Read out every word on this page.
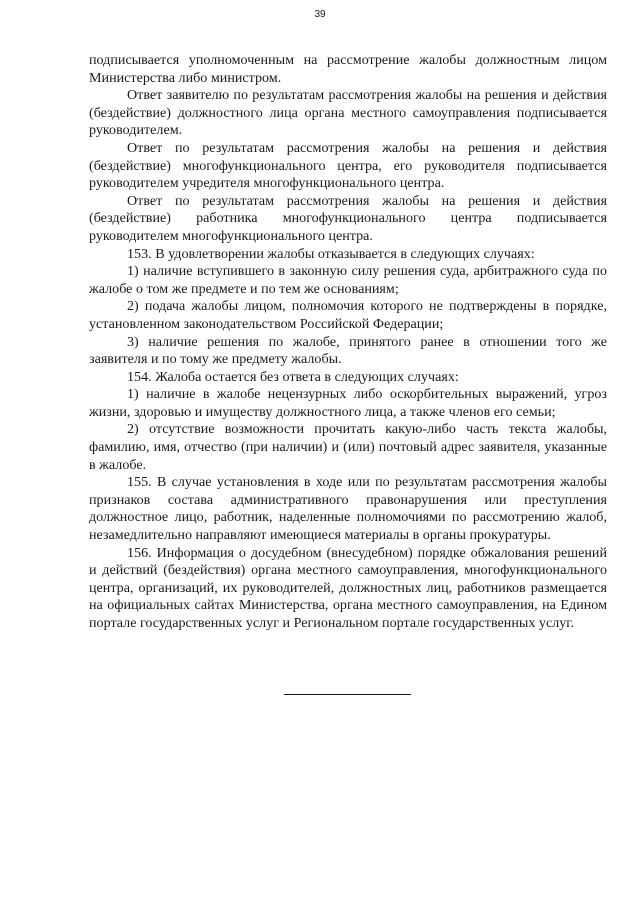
39

подписывается уполномоченным на рассмотрение жалобы должностным лицом Министерства либо министром.

Ответ заявителю по результатам рассмотрения жалобы на решения и действия (бездействие) должностного лица органа местного самоуправления подписывается руководителем.

Ответ по результатам рассмотрения жалобы на решения и действия (бездействие) многофункционального центра, его руководителя подписывается руководителем учредителя многофункционального центра.

Ответ по результатам рассмотрения жалобы на решения и действия (бездействие) работника многофункционального центра подписывается руководителем многофункционального центра.

153. В удовлетворении жалобы отказывается в следующих случаях:

1) наличие вступившего в законную силу решения суда, арбитражного суда по жалобе о том же предмете и по тем же основаниям;

2) подача жалобы лицом, полномочия которого не подтверждены в порядке, установленном законодательством Российской Федерации;

3) наличие решения по жалобе, принятого ранее в отношении того же заявителя и по тому же предмету жалобы.

154. Жалоба остается без ответа в следующих случаях:

1) наличие в жалобе нецензурных либо оскорбительных выражений, угроз жизни, здоровью и имуществу должностного лица, а также членов его семьи;

2) отсутствие возможности прочитать какую-либо часть текста жалобы, фамилию, имя, отчество (при наличии) и (или) почтовый адрес заявителя, указанные в жалобе.

155. В случае установления в ходе или по результатам рассмотрения жалобы признаков состава административного правонарушения или преступления должностное лицо, работник, наделенные полномочиями по рассмотрению жалоб, незамедлительно направляют имеющиеся материалы в органы прокуратуры.

156. Информация о досудебном (внесудебном) порядке обжалования решений и действий (бездействия) органа местного самоуправления, многофункционального центра, организаций, их руководителей, должностных лиц, работников размещается на официальных сайтах Министерства, органа местного самоуправления, на Едином портале государственных услуг и Региональном портале государственных услуг.
